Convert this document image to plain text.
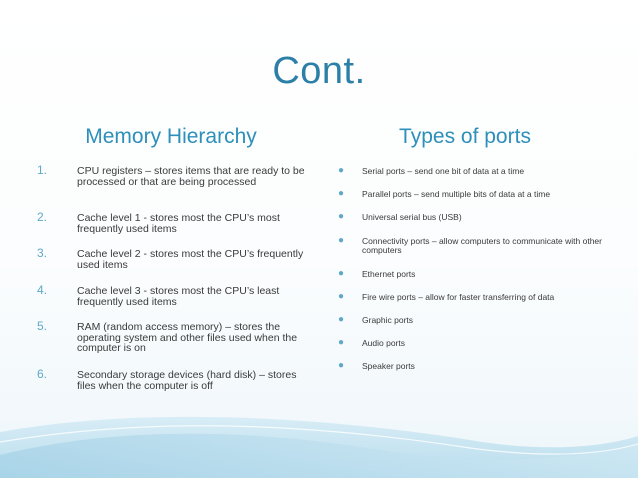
Cont.
Memory Hierarchy	Types of ports
1.	CPU registers – stores items that are ready to be processed or that are being processed
2.	Cache level 1 - stores most the CPU’s most frequently used items
3.	Cache level 2 - stores most the CPU’s frequently used items
4.	Cache level 3 - stores most the CPU’s least frequently used items
5.	RAM (random access memory) – stores the operating system and other files used when the computer is on
6.	Secondary storage devices (hard disk) – stores files when the computer is off
●	Serial ports – send one bit of data at a time
●	Parallel ports – send multiple bits of data at a time
●	Universal serial bus (USB)
●	Connectivity ports – allow computers to communicate with other computers
●	Ethernet ports
●	Fire wire ports – allow for faster transferring of data
●	Graphic ports
●	Audio ports
●	Speaker ports
